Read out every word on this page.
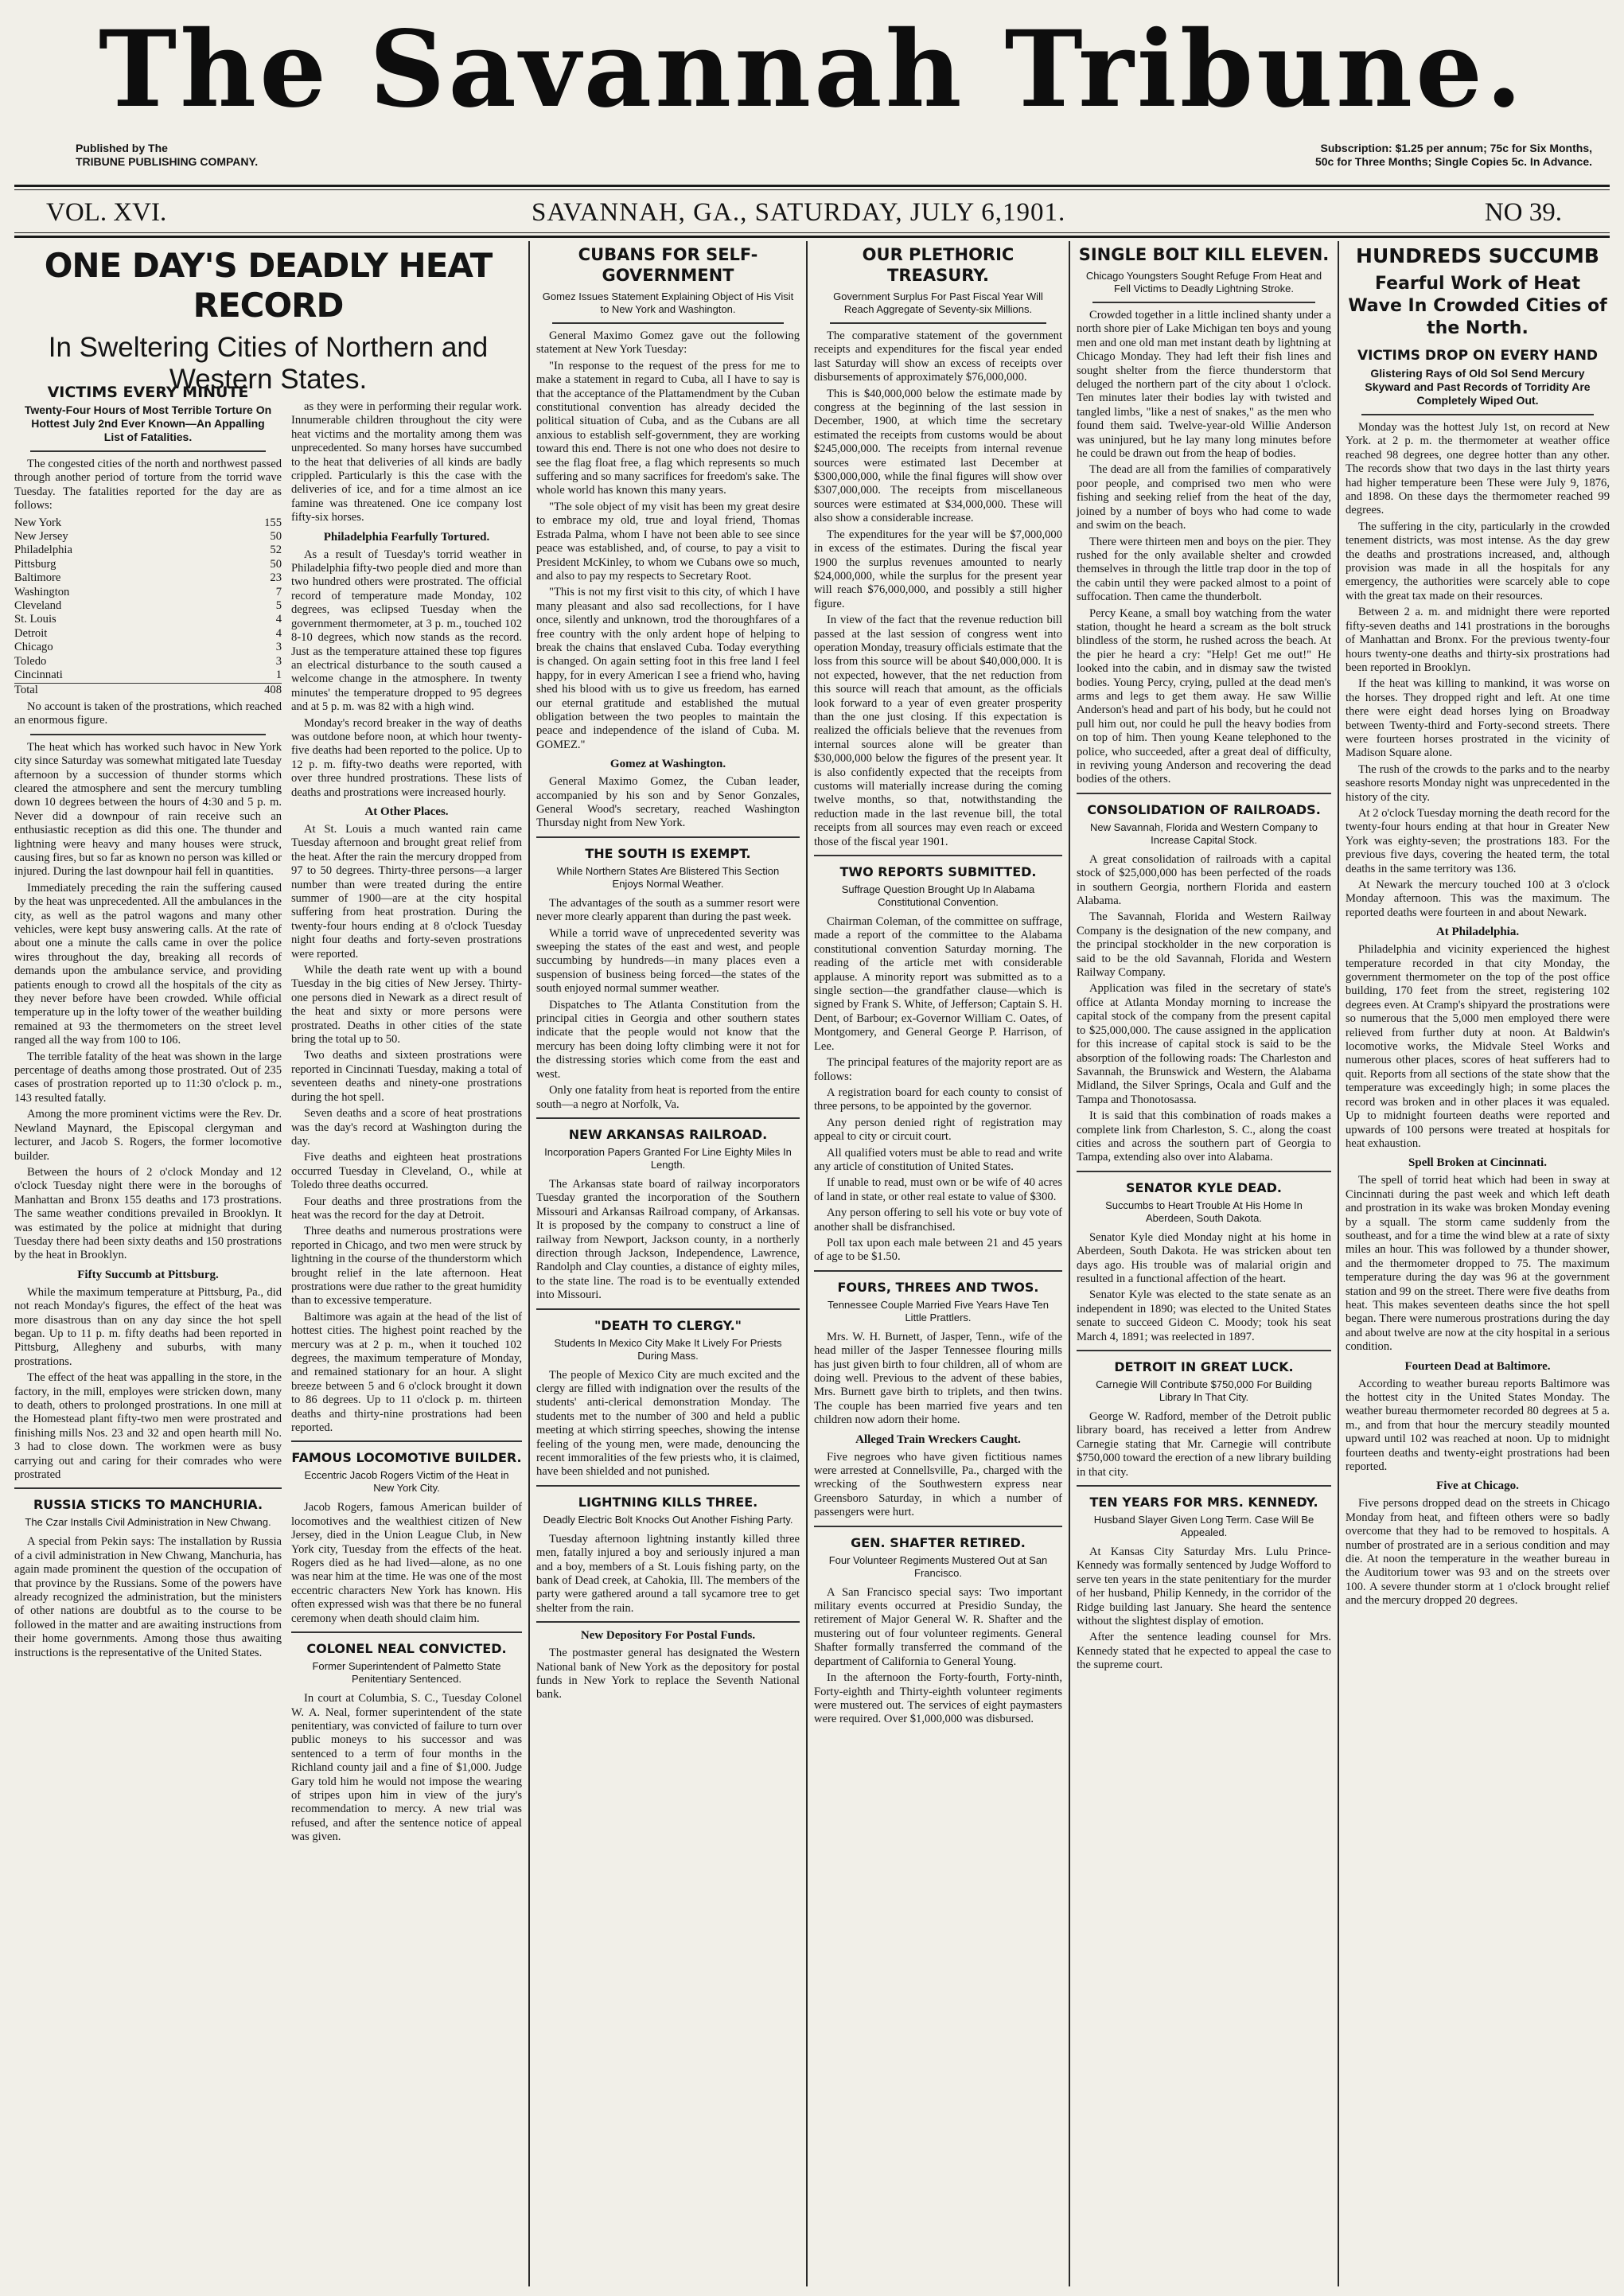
The Savannah Tribune.
Published by The
TRIBUNE PUBLISHING COMPANY.
Subscription: $1.25 per annum; 75c for Six Months,
50c for Three Months; Single Copies 5c. In Advance.
VOL. XVI.	SAVANNAH, GA., SATURDAY, JULY 6,1901.	NO 39.
VICTIMS EVERY MINUTE
Twenty-Four Hours of Most Terrible Torture On Hottest July 2nd Ever Known—An Appalling List of Fatalities.

The congested cities of the north and northwest passed through another period of torture from the torrid wave Tuesday. The fatalities reported for the day are as follows:

New York	155
New Jersey	50
Philadelphia	52
Pittsburg	50
Baltimore	23
Washington	7
Cleveland	5
St. Louis	4
Detroit	4
Chicago	3
Toledo	3
Cincinnati	1
Total	408

No account is taken of the prostrations, which reached an enormous figure.

The heat which has worked such havoc in New York city since Saturday was somewhat mitigated late Tuesday afternoon by a succession of thunder storms which cleared the atmosphere and sent the mercury tumbling down 10 degrees between the hours of 4:30 and 5 p. m. Never did a downpour of rain receive such an enthusiastic reception as did this one. The thunder and lightning were heavy and many houses were struck, causing fires, but so far as known no person was killed or injured. During the last downpour hail fell in quantities.

Immediately preceding the rain the suffering caused by the heat was unprecedented. All the ambulances in the city, as well as the patrol wagons and many other vehicles, were kept busy answering calls. At the rate of about one a minute the calls came in over the police wires throughout the day, breaking all records of demands upon the ambulance service, and providing patients enough to crowd all the hospitals of the city as they never before have been crowded. While official temperature up in the lofty tower of the weather building remained at 93 the thermometers on the street level ranged all the way from 100 to 106.

The terrible fatality of the heat was shown in the large percentage of deaths among those prostrated. Out of 235 cases of prostration reported up to 11:30 o'clock p. m., 143 resulted fatally.

Among the more prominent victims were the Rev. Dr. Newland Maynard, the Episcopal clergyman and lecturer, and Jacob S. Rogers, the former locomotive builder.

Between the hours of 2 o'clock Monday and 12 o'clock Tuesday night there were in the boroughs of Manhattan and Bronx 155 deaths and 173 prostrations. The same weather conditions prevailed in Brooklyn. It was estimated by the police at midnight that during Tuesday there had been sixty deaths and 150 prostrations by the heat in Brooklyn.

Fifty Succumb at Pittsburg.

While the maximum temperature at Pittsburg, Pa., did not reach Monday's figures, the effect of the heat was more disastrous than on any day since the hot spell began. Up to 11 p. m. fifty deaths had been reported in Pittsburg, Allegheny and suburbs, with many prostrations.

The effect of the heat was appalling in the store, in the factory, in the mill, employes were stricken down, many to death, others to prolonged prostrations. In one mill at the Homestead plant fifty-two men were prostrated and finishing mills Nos. 23 and 32 and open hearth mill No. 3 had to close down. The workmen were as busy carrying out and caring for their comrades who were prostrated

RUSSIA STICKS TO MANCHURIA.
The Czar Installs Civil Administration in New Chwang.

A special from Pekin says: The installation by Russia of a civil administration in New Chwang, Manchuria, has again made prominent the question of the occupation of that province by the Russians. Some of the powers have already recognized the administration, but the ministers of other nations are doubtful as to the course to be followed in the matter and are awaiting instructions from their home governments. Among those thus awaiting instructions is the representative of the United States.

ONE DAY'S DEADLY HEAT RECORD
In Sweltering Cities of Northern and Western States.

as they were in performing their regular work. Innumerable children throughout the city were heat victims and the mortality among them was unprecedented. So many horses have succumbed to the heat that deliveries of all kinds are badly crippled. Particularly is this the case with the deliveries of ice, and for a time almost an ice famine was threatened. One ice company lost fifty-six horses.

Philadelphia Fearfully Tortured.

As a result of Tuesday's torrid weather in Philadelphia fifty-two people died and more than two hundred others were prostrated. The official record of temperature made Monday, 102 degrees, was eclipsed Tuesday when the government thermometer, at 3 p. m., touched 102 8-10 degrees, which now stands as the record. Just as the temperature attained these top figures an electrical disturbance to the south caused a welcome change in the atmosphere. In twenty minutes' the temperature dropped to 95 degrees and at 5 p. m. was 82 with a high wind.

Monday's record breaker in the way of deaths was outdone before noon, at which hour twenty-five deaths had been reported to the police. Up to 12 p. m. fifty-two deaths were reported, with over three hundred prostrations. These lists of deaths and prostrations were increased hourly.

At Other Places.

At St. Louis a much wanted rain came Tuesday afternoon and brought great relief from the heat. After the rain the mercury dropped from 97 to 50 degrees. Thirty-three persons—a larger number than were treated during the entire summer of 1900—are at the city hospital suffering from heat prostration. During the twenty-four hours ending at 8 o'clock Tuesday night four deaths and forty-seven prostrations were reported.

While the death rate went up with a bound Tuesday in the big cities of New Jersey. Thirty-one persons died in Newark as a direct result of the heat and sixty or more persons were prostrated. Deaths in other cities of the state bring the total up to 50.

Two deaths and sixteen prostrations were reported in Cincinnati Tuesday, making a total of seventeen deaths and ninety-one prostrations during the hot spell.

Seven deaths and a score of heat prostrations was the day's record at Washington during the day.

Five deaths and eighteen heat prostrations occurred Tuesday in Cleveland, O., while at Toledo three deaths occurred.

Four deaths and three prostrations from the heat was the record for the day at Detroit.

Three deaths and numerous prostrations were reported in Chicago, and two men were struck by lightning in the course of the thunderstorm which brought relief in the late afternoon. Heat prostrations were due rather to the great humidity than to excessive temperature.

Baltimore was again at the head of the list of hottest cities. The highest point reached by the mercury was at 2 p. m., when it touched 102 degrees, the maximum temperature of Monday, and remained stationary for an hour. A slight breeze between 5 and 6 o'clock brought it down to 86 degrees. Up to 11 o'clock p. m. thirteen deaths and thirty-nine prostrations had been reported.

FAMOUS LOCOMOTIVE BUILDER.
Eccentric Jacob Rogers Victim of the Heat in New York City.

Jacob Rogers, famous American builder of locomotives and the wealthiest citizen of New Jersey, died in the Union League Club, in New York city, Tuesday from the effects of the heat. Rogers died as he had lived—alone, as no one was near him at the time. He was one of the most eccentric characters New York has known. His often expressed wish was that there be no funeral ceremony when death should claim him.

COLONEL NEAL CONVICTED.
Former Superintendent of Palmetto State Penitentiary Sentenced.

In court at Columbia, S. C., Tuesday Colonel W. A. Neal, former superintendent of the state penitentiary, was convicted of failure to turn over public moneys to his successor and was sentenced to a term of four months in the Richland county jail and a fine of $1,000. Judge Gary told him he would not impose the wearing of stripes upon him in view of the jury's recommendation to mercy. A new trial was refused, and after the sentence notice of appeal was given.

CUBANS FOR SELF-GOVERNMENT
Gomez Issues Statement Explaining Object of His Visit to New York and Washington.

General Maximo Gomez gave out the following statement at New York Tuesday:

"In response to the request of the press for me to make a statement in regard to Cuba, all I have to say is that the acceptance of the Plattamendment by the Cuban constitutional convention has already decided the political situation of Cuba, and as the Cubans are all anxious to establish self-government, they are working toward this end. There is not one who does not desire to see the flag float free, a flag which represents so much suffering and so many sacrifices for freedom's sake. The whole world has known this many years.

"The sole object of my visit has been my great desire to embrace my old, true and loyal friend, Thomas Estrada Palma, whom I have not been able to see since peace was established, and, of course, to pay a visit to President McKinley, to whom we Cubans owe so much, and also to pay my respects to Secretary Root.

"This is not my first visit to this city, of which I have many pleasant and also sad recollections, for I have once, silently and unknown, trod the thoroughfares of a free country with the only ardent hope of helping to break the chains that enslaved Cuba. Today everything is changed. On again setting foot in this free land I feel happy, for in every American I see a friend who, having shed his blood with us to give us freedom, has earned our eternal gratitude and established the mutual obligation between the two peoples to maintain the peace and independence of the island of Cuba. M. GOMEZ."

Gomez at Washington.

General Maximo Gomez, the Cuban leader, accompanied by his son and by Senor Gonzales, General Wood's secretary, reached Washington Thursday night from New York.

THE SOUTH IS EXEMPT.
While Northern States Are Blistered This Section Enjoys Normal Weather.

The advantages of the south as a summer resort were never more clearly apparent than during the past week.

While a torrid wave of unprecedented severity was sweeping the states of the east and west, and people succumbing by hundreds—in many places even a suspension of business being forced—the states of the south enjoyed normal summer weather.

Dispatches to The Atlanta Constitution from the principal cities in Georgia and other southern states indicate that the people would not know that the mercury has been doing lofty climbing were it not for the distressing stories which come from the east and west.

Only one fatality from heat is reported from the entire south—a negro at Norfolk, Va.

NEW ARKANSAS RAILROAD.
Incorporation Papers Granted For Line Eighty Miles In Length.

The Arkansas state board of railway incorporators Tuesday granted the incorporation of the Southern Missouri and Arkansas Railroad company, of Arkansas. It is proposed by the company to construct a line of railway from Newport, Jackson county, in a northerly direction through Jackson, Independence, Lawrence, Randolph and Clay counties, a distance of eighty miles, to the state line. The road is to be eventually extended into Missouri.

"DEATH TO CLERGY."
Students In Mexico City Make It Lively For Priests During Mass.

The people of Mexico City are much excited and the clergy are filled with indignation over the results of the students' anti-clerical demonstration Monday. The students met to the number of 300 and held a public meeting at which stirring speeches, showing the intense feeling of the young men, were made, denouncing the recent immoralities of the few priests who, it is claimed, have been shielded and not punished.

LIGHTNING KILLS THREE.
Deadly Electric Bolt Knocks Out Another Fishing Party.

Tuesday afternoon lightning instantly killed three men, fatally injured a boy and seriously injured a man and a boy, members of a St. Louis fishing party, on the bank of Dead creek, at Cahokia, Ill. The members of the party were gathered around a tall sycamore tree to get shelter from the rain.

New Depository For Postal Funds.

The postmaster general has designated the Western National bank of New York as the depository for postal funds in New York to replace the Seventh National bank.

OUR PLETHORIC TREASURY.
Government Surplus For Past Fiscal Year Will Reach Aggregate of Seventy-six Millions.

The comparative statement of the government receipts and expenditures for the fiscal year ended last Saturday will show an excess of receipts over disbursements of approximately $76,000,000.

This is $40,000,000 below the estimate made by congress at the beginning of the last session in December, 1900, at which time the secretary estimated the receipts from customs would be about $245,000,000. The receipts from internal revenue sources were estimated last December at $300,000,000, while the final figures will show over $307,000,000. The receipts from miscellaneous sources were estimated at $34,000,000. These will also show a considerable increase.

The expenditures for the year will be $7,000,000 in excess of the estimates. During the fiscal year 1900 the surplus revenues amounted to nearly $24,000,000, while the surplus for the present year will reach $76,000,000, and possibly a still higher figure.

In view of the fact that the revenue reduction bill passed at the last session of congress went into operation Monday, treasury officials estimate that the loss from this source will be about $40,000,000. It is not expected, however, that the net reduction from this source will reach that amount, as the officials look forward to a year of even greater prosperity than the one just closing. If this expectation is realized the officials believe that the revenues from internal sources alone will be greater than $30,000,000 below the figures of the present year. It is also confidently expected that the receipts from customs will materially increase during the coming twelve months, so that, notwithstanding the reduction made in the last revenue bill, the total receipts from all sources may even reach or exceed those of the fiscal year 1901.

TWO REPORTS SUBMITTED.
Suffrage Question Brought Up In Alabama Constitutional Convention.

Chairman Coleman, of the committee on suffrage, made a report of the committee to the Alabama constitutional convention Saturday morning. The reading of the article met with considerable applause. A minority report was submitted as to a single section—the grandfather clause—which is signed by Frank S. White, of Jefferson; Captain S. H. Dent, of Barbour; ex-Governor William C. Oates, of Montgomery, and General George P. Harrison, of Lee.

The principal features of the majority report are as follows:

A registration board for each county to consist of three persons, to be appointed by the governor.

Any person denied right of registration may appeal to city or circuit court.

All qualified voters must be able to read and write any article of constitution of United States.

If unable to read, must own or be wife of 40 acres of land in state, or other real estate to value of $300.

Any person offering to sell his vote or buy vote of another shall be disfranchised.

Poll tax upon each male between 21 and 45 years of age to be $1.50.

FOURS, THREES AND TWOS.
Tennessee Couple Married Five Years Have Ten Little Prattlers.

Mrs. W. H. Burnett, of Jasper, Tenn., wife of the head miller of the Jasper Tennessee flouring mills has just given birth to four children, all of whom are doing well. Previous to the advent of these babies, Mrs. Burnett gave birth to triplets, and then twins. The couple has been married five years and ten children now adorn their home.

Alleged Train Wreckers Caught.

Five negroes who have given fictitious names were arrested at Connellsville, Pa., charged with the wrecking of the Southwestern express near Greensboro Saturday, in which a number of passengers were hurt.

GEN. SHAFTER RETIRED.
Four Volunteer Regiments Mustered Out at San Francisco.

A San Francisco special says: Two important military events occurred at Presidio Sunday, the retirement of Major General W. R. Shafter and the mustering out of four volunteer regiments. General Shafter formally transferred the command of the department of California to General Young.

In the afternoon the Forty-fourth, Forty-ninth, Forty-eighth and Thirty-eighth volunteer regiments were mustered out. The services of eight paymasters were required. Over $1,000,000 was disbursed.

SINGLE BOLT KILL ELEVEN.
Chicago Youngsters Sought Refuge From Heat and Fell Victims to Deadly Lightning Stroke.

Crowded together in a little inclined shanty under a north shore pier of Lake Michigan ten boys and young men and one old man met instant death by lightning at Chicago Monday. They had left their fish lines and sought shelter from the fierce thunderstorm that deluged the northern part of the city about 1 o'clock. Ten minutes later their bodies lay with twisted and tangled limbs, "like a nest of snakes," as the men who found them said. Twelve-year-old Willie Anderson was uninjured, but he lay many long minutes before he could be drawn out from the heap of bodies.

The dead are all from the families of comparatively poor people, and comprised two men who were fishing and seeking relief from the heat of the day, joined by a number of boys who had come to wade and swim on the beach.

There were thirteen men and boys on the pier. They rushed for the only available shelter and crowded themselves in through the little trap door in the top of the cabin until they were packed almost to a point of suffocation. Then came the thunderbolt.

Percy Keane, a small boy watching from the water station, thought he heard a scream as the bolt struck blindless of the storm, he rushed across the beach. At the pier he heard a cry: "Help! Get me out!" He looked into the cabin, and in dismay saw the twisted bodies. Young Percy, crying, pulled at the dead men's arms and legs to get them away. He saw Willie Anderson's head and part of his body, but he could not pull him out, nor could he pull the heavy bodies from on top of him. Then young Keane telephoned to the police, who succeeded, after a great deal of difficulty, in reviving young Anderson and recovering the dead bodies of the others.

CONSOLIDATION OF RAILROADS.
New Savannah, Florida and Western Company to Increase Capital Stock.

A great consolidation of railroads with a capital stock of $25,000,000 has been perfected of the roads in southern Georgia, northern Florida and eastern Alabama.

The Savannah, Florida and Western Railway Company is the designation of the new company, and the principal stockholder in the new corporation is said to be the old Savannah, Florida and Western Railway Company.

Application was filed in the secretary of state's office at Atlanta Monday morning to increase the capital stock of the company from the present capital to $25,000,000. The cause assigned in the application for this increase of capital stock is said to be the absorption of the following roads: The Charleston and Savannah, the Brunswick and Western, the Alabama Midland, the Silver Springs, Ocala and Gulf and the Tampa and Thonotosassa.

It is said that this combination of roads makes a complete link from Charleston, S. C., along the coast cities and across the southern part of Georgia to Tampa, extending also over into Alabama.

SENATOR KYLE DEAD.
Succumbs to Heart Trouble At His Home In Aberdeen, South Dakota.

Senator Kyle died Monday night at his home in Aberdeen, South Dakota. He was stricken about ten days ago. His trouble was of malarial origin and resulted in a functional affection of the heart.

Senator Kyle was elected to the state senate as an independent in 1890; was elected to the United States senate to succeed Gideon C. Moody; took his seat March 4, 1891; was reelected in 1897.

DETROIT IN GREAT LUCK.
Carnegie Will Contribute $750,000 For Building Library In That City.

George W. Radford, member of the Detroit public library board, has received a letter from Andrew Carnegie stating that Mr. Carnegie will contribute $750,000 toward the erection of a new library building in that city.

TEN YEARS FOR MRS. KENNEDY.
Husband Slayer Given Long Term. Case Will Be Appealed.

At Kansas City Saturday Mrs. Lulu Prince-Kennedy was formally sentenced by Judge Wofford to serve ten years in the state penitentiary for the murder of her husband, Philip Kennedy, in the corridor of the Ridge building last January. She heard the sentence without the slightest display of emotion.

After the sentence leading counsel for Mrs. Kennedy stated that he expected to appeal the case to the supreme court.

HUNDREDS SUCCUMB
Fearful Work of Heat Wave In Crowded Cities of the North.
VICTIMS DROP ON EVERY HAND
Glistering Rays of Old Sol Send Mercury Skyward and Past Records of Torridity Are Completely Wiped Out.

Monday was the hottest July 1st, on record at New York. at 2 p. m. the thermometer at weather office reached 98 degrees, one degree hotter than any other. The records show that two days in the last thirty years had higher temperature been These were July 9, 1876, and 1898. On these days the thermometer reached 99 degrees.

The suffering in the city, particularly in the crowded tenement districts, was most intense. As the day grew the deaths and prostrations increased, and, although provision was made in all the hospitals for any emergency, the authorities were scarcely able to cope with the great tax made on their resources.

Between 2 a. m. and midnight there were reported fifty-seven deaths and 141 prostrations in the boroughs of Manhattan and Bronx. For the previous twenty-four hours twenty-one deaths and thirty-six prostrations had been reported in Brooklyn.

If the heat was killing to mankind, it was worse on the horses. They dropped right and left. At one time there were eight dead horses lying on Broadway between Twenty-third and Forty-second streets. There were fourteen horses prostrated in the vicinity of Madison Square alone.

The rush of the crowds to the parks and to the nearby seashore resorts Monday night was unprecedented in the history of the city.

At 2 o'clock Tuesday morning the death record for the twenty-four hours ending at that hour in Greater New York was eighty-seven; the prostrations 183. For the previous five days, covering the heated term, the total deaths in the same territory was 136.

At Newark the mercury touched 100 at 3 o'clock Monday afternoon. This was the maximum. The reported deaths were fourteen in and about Newark.

At Philadelphia.

Philadelphia and vicinity experienced the highest temperature recorded in that city Monday, the government thermometer on the top of the post office building, 170 feet from the street, registering 102 degrees even. At Cramp's shipyard the prostrations were so numerous that the 5,000 men employed there were relieved from further duty at noon. At Baldwin's locomotive works, the Midvale Steel Works and numerous other places, scores of heat sufferers had to quit. Reports from all sections of the state show that the temperature was exceedingly high; in some places the record was broken and in other places it was equaled. Up to midnight fourteen deaths were reported and upwards of 100 persons were treated at hospitals for heat exhaustion.

Spell Broken at Cincinnati.

The spell of torrid heat which had been in sway at Cincinnati during the past week and which left death and prostration in its wake was broken Monday evening by a squall. The storm came suddenly from the southeast, and for a time the wind blew at a rate of sixty miles an hour. This was followed by a thunder shower, and the thermometer dropped to 75. The maximum temperature during the day was 96 at the government station and 99 on the street. There were five deaths from heat. This makes seventeen deaths since the hot spell began. There were numerous prostrations during the day and about twelve are now at the city hospital in a serious condition.

Fourteen Dead at Baltimore.

According to weather bureau reports Baltimore was the hottest city in the United States Monday. The weather bureau thermometer recorded 80 degrees at 5 a. m., and from that hour the mercury steadily mounted upward until 102 was reached at noon. Up to midnight fourteen deaths and twenty-eight prostrations had been reported.

Five at Chicago.

Five persons dropped dead on the streets in Chicago Monday from heat, and fifteen others were so badly overcome that they had to be removed to hospitals. A number of prostrated are in a serious condition and may die. At noon the temperature in the weather bureau in the Auditorium tower was 93 and on the streets over 100. A severe thunder storm at 1 o'clock brought relief and the mercury dropped 20 degrees.
